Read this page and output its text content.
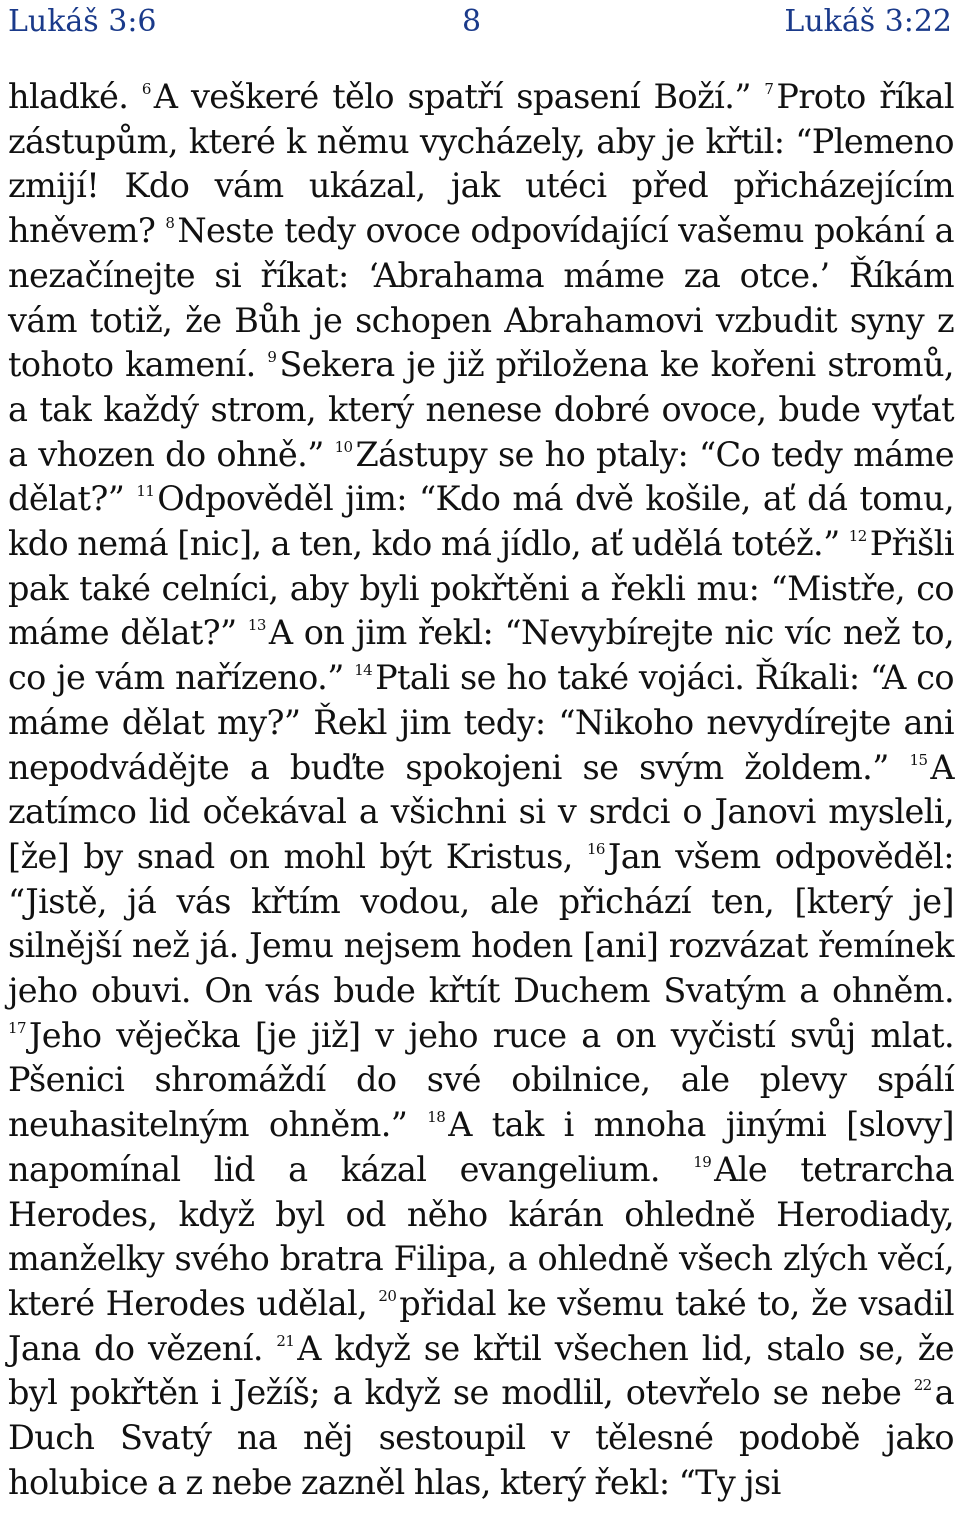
Lukáš 3:6	8	Lukáš 3:22
hladké. $^6$A veškeré tělo spatří spasení Boží.” $^7$Proto říkal zástupům, které k němu vycházely, aby je křtil: “Plemeno zmijí! Kdo vám ukázal, jak utéci před přicházejícím hněvem? $^8$Neste tedy ovoce odpovídající vašemu pokání a nezačínejte si říkat: ‘Abrahama máme za otce.’ Říkám vám totiž, že Bůh je schopen Abrahamovi vzbudit syny z tohoto kamení. $^9$Sekera je již přiložena ke kořeni stromů, a tak každý strom, který nenese dobré ovoce, bude vyťat a vhozen do ohně.” $^{10}$Zástupy se ho ptaly: “Co tedy máme dělat?” $^{11}$Odpověděl jim: “Kdo má dvě košile, ať dá tomu, kdo nemá [nic], a ten, kdo má jídlo, ať udělá totéž.” $^{12}$Přišli pak také celníci, aby byli pokřtěni a řekli mu: “Mistře, co máme dělat?” $^{13}$A on jim řekl: “Nevybírejte nic víc než to, co je vám nařízeno.” $^{14}$Ptali se ho také vojáci. Říkali: “A co máme dělat my?” Řekl jim tedy: “Nikoho nevydírejte ani nepodvádějte a buďte spokojeni se svým žoldem.” $^{15}$A zatímco lid očekával a všichni si v srdci o Janovi mysleli, [že] by snad on mohl být Kristus, $^{16}$Jan všem odpověděl: “Jistě, já vás křtím vodou, ale přichází ten, [který je] silnější než já. Jemu nejsem hoden [ani] rozvázat řemínek jeho obuvi. On vás bude křtít Duchem Svatým a ohněm. $^{17}$Jeho věječka [je již] v jeho ruce a on vyčistí svůj mlat. Pšenici shromáždí do své obilnice, ale plevy spálí neuhasitelným ohněm.” $^{18}$A tak i mnoha jinými [slovy] napomínal lid a kázal evangelium. $^{19}$Ale tetrarcha Herodes, když byl od něho kárán ohledně Herodiady, manželky svého bratra Filipa, a ohledně všech zlých věcí, které Herodes udělal, $^{20}$přidal ke všemu také to, že vsadil Jana do vězení. $^{21}$A když se křtil všechen lid, stalo se, že byl pokřtěn i Ježíš; a když se modlil, otevřelo se nebe $^{22}$a Duch Svatý na něj sestoupil v tělesné podobě jako holubice a z nebe zazněl hlas, který řekl: “Ty jsi
